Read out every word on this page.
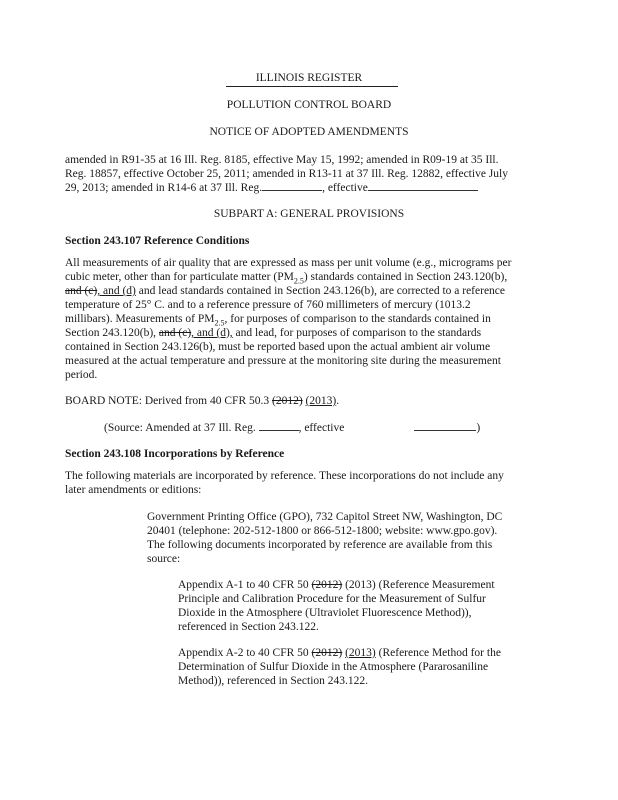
ILLINOIS REGISTER
POLLUTION CONTROL BOARD
NOTICE OF ADOPTED AMENDMENTS
amended in R91-35 at 16 Ill. Reg. 8185, effective May 15, 1992; amended in R09-19 at 35 Ill.
Reg. 18857, effective October 25, 2011; amended in R13-11 at 37 Ill. Reg. 12882, effective July
29, 2013; amended in R14-6 at 37 Ill. Reg.	, effective
SUBPART A: GENERAL PROVISIONS
Section 243.107 Reference Conditions
All measurements of air quality that are expressed as mass per unit volume (e.g., micrograms per
cubic meter, other than for particulate matter $(PM_{2.5})$ standards contained in Section 243.120(b),
and (c), and (d) and lead standards contained in Section 243.126(b), are corrected to a reference
temperature of 25° C. and to a reference pressure of 760 millimeters of mercury (1013.2
millibars). Measurements of $PM_{2.5}$, for purposes of comparison to the standards contained in
Section 243.120(b), and (c), and (d), and lead, for purposes of comparison to the standards
contained in Section 243.126(b), must be reported based upon the actual ambient air volume
measured at the actual temperature and pressure at the monitoring site during the measurement
period.
BOARD NOTE: Derived from 40 CFR 50.3 (2012) (2013).
(Source: Amended at 37 Ill. Reg.	, effective	)
Section 243.108 Incorporations by Reference
The following materials are incorporated by reference. These incorporations do not include any
later amendments or editions:
Government Printing Office (GPO), 732 Capitol Street NW, Washington, DC
20401 (telephone: 202-512-1800 or 866-512-1800; website: www.gpo.gov).
The following documents incorporated by reference are available from this
source:
Appendix A-1 to 40 CFR 50 (2012) (2013) (Reference Measurement
Principle and Calibration Procedure for the Measurement of Sulfur
Dioxide in the Atmosphere (Ultraviolet Fluorescence Method)),
referenced in Section 243.122.
Appendix A-2 to 40 CFR 50 (2012) (2013) (Reference Method for the
Determination of Sulfur Dioxide in the Atmosphere (Pararosaniline
Method)), referenced in Section 243.122.
